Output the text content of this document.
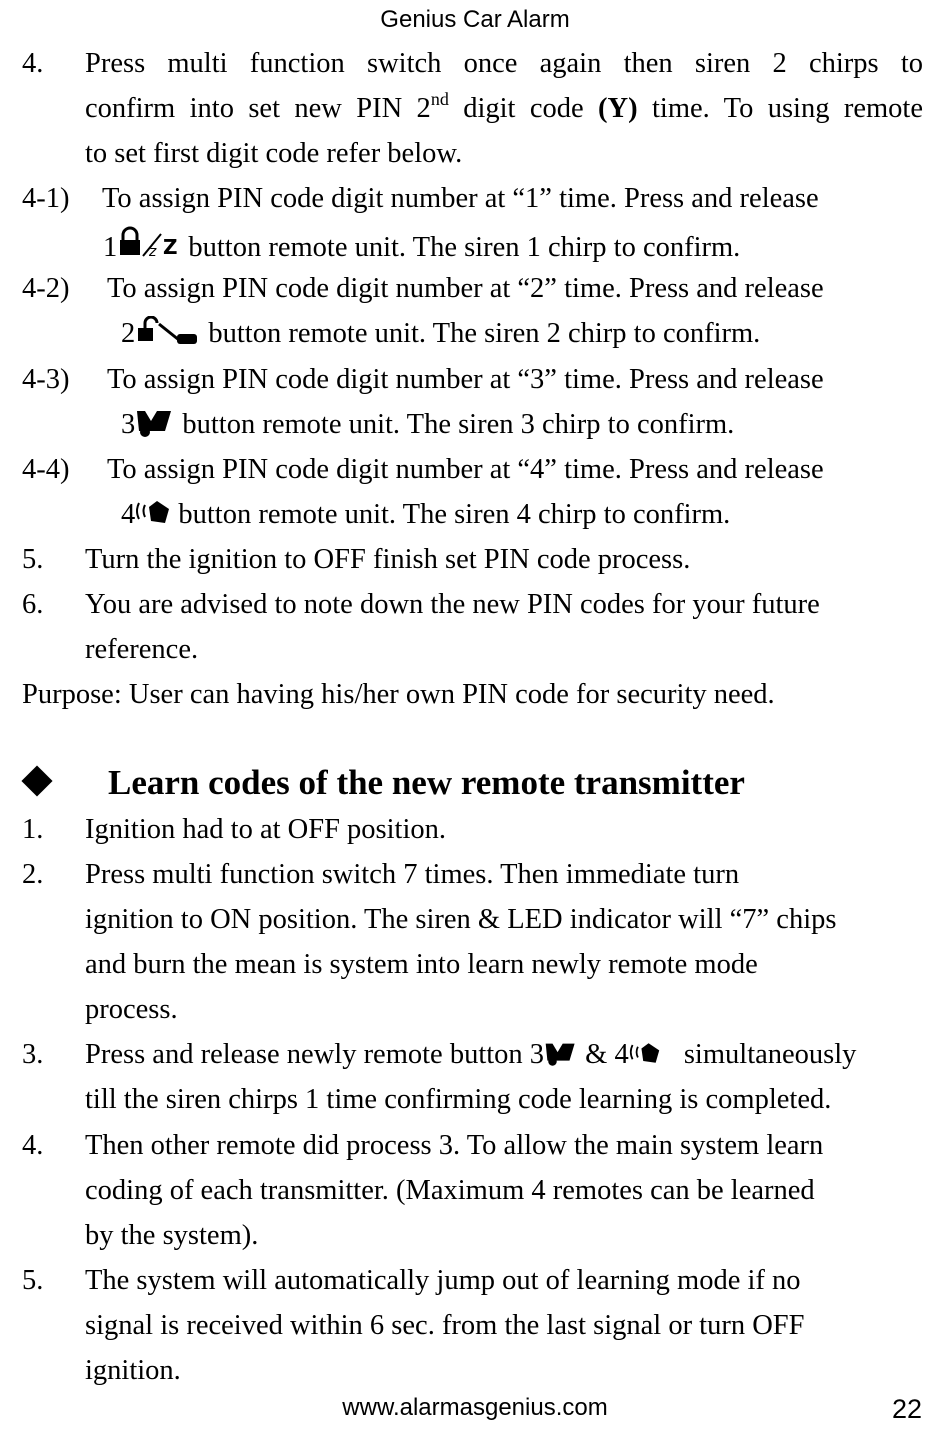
Genius Car Alarm
4. Press multi function switch once again then siren 2 chirps to
confirm into set new PIN 2nd digit code (Y) time. To using remote
to set first digit code refer below.
4-1) To assign PIN code digit number at “1” time. Press and release
1 z Z button remote unit. The siren 1 chirp to confirm.
4-2) To assign PIN code digit number at “2” time. Press and release
2	button remote unit. The siren 2 chirp to confirm.
4-3) To assign PIN code digit number at “3” time. Press and release
3 button remote unit. The siren 3 chirp to confirm.
4-4) To assign PIN code digit number at “4” time. Press and release
4 button remote unit. The siren 4 chirp to confirm.
5. Turn the ignition to OFF finish set PIN code process.
6. You are advised to note down the new PIN codes for your future
reference.
Purpose: User can having his/her own PIN code for security need.
Learn codes of the new remote transmitter
1. Ignition had to at OFF position.
2. Press multi function switch 7 times. Then immediate turn
ignition to ON position. The siren & LED indicator will “7” chips
and burn the mean is system into learn newly remote mode
process.
3. Press and release newly remote button 3 & 4 simultaneously
till the siren chirps 1 time confirming code learning is completed.
4. Then other remote did process 3. To allow the main system learn
coding of each transmitter. (Maximum 4 remotes can be learned
by the system).
5. The system will automatically jump out of learning mode if no
signal is received within 6 sec. from the last signal or turn OFF
ignition.
www.alarmasgenius.com	22
